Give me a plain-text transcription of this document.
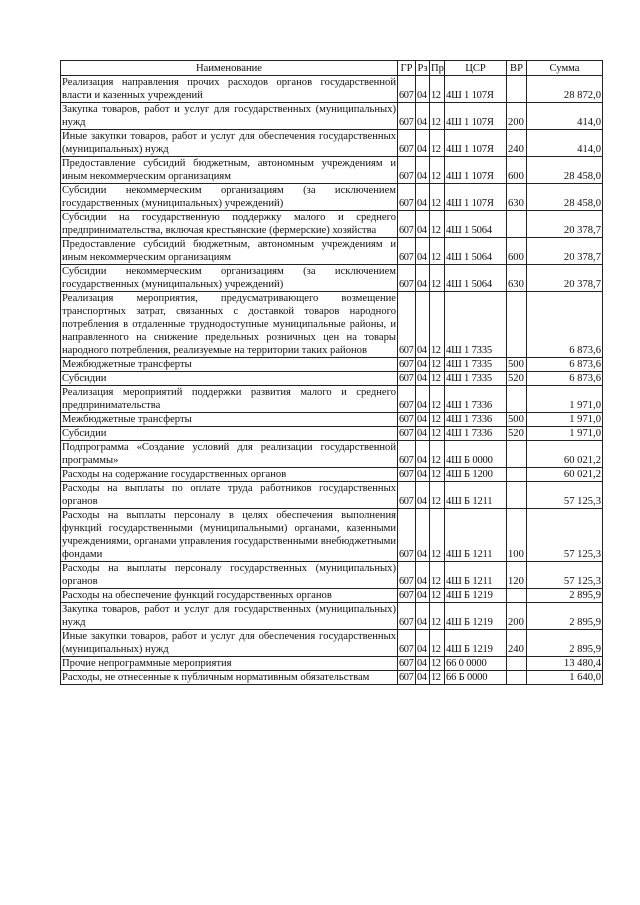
Наименование	ГР	Рз	Пр	ЦСР	ВР	Сумма
Реализация направления прочих расходов органов государственной власти и казенных учреждений	607	04	12	4Ш 1 107Я		28 872,0
Закупка товаров, работ и услуг для государственных (муниципальных) нужд	607	04	12	4Ш 1 107Я	200	414,0
Иные закупки товаров, работ и услуг для обеспечения государственных (муниципальных) нужд	607	04	12	4Ш 1 107Я	240	414,0
Предоставление субсидий бюджетным, автономным учреждениям и иным некоммерческим организациям	607	04	12	4Ш 1 107Я	600	28 458,0
Субсидии некоммерческим организациям (за исключением государственных (муниципальных) учреждений)	607	04	12	4Ш 1 107Я	630	28 458,0
Субсидии на государственную поддержку малого и среднего предпринимательства, включая крестьянские (фермерские) хозяйства	607	04	12	4Ш 1 5064		20 378,7
Предоставление субсидий бюджетным, автономным учреждениям и иным некоммерческим организациям	607	04	12	4Ш 1 5064	600	20 378,7
Субсидии некоммерческим организациям (за исключением государственных (муниципальных) учреждений)	607	04	12	4Ш 1 5064	630	20 378,7
Реализация мероприятия, предусматривающего возмещение транспортных затрат, связанных с доставкой товаров народного потребления в отдаленные труднодоступные муниципальные районы, и направленного на снижение предельных розничных цен на товары народного потребления, реализуемые на территории таких районов	607	04	12	4Ш 1 7335		6 873,6
Межбюджетные трансферты	607	04	12	4Ш 1 7335	500	6 873,6
Субсидии	607	04	12	4Ш 1 7335	520	6 873,6
Реализация мероприятий поддержки развития малого и среднего предпринимательства	607	04	12	4Ш 1 7336		1 971,0
Межбюджетные трансферты	607	04	12	4Ш 1 7336	500	1 971,0
Субсидии	607	04	12	4Ш 1 7336	520	1 971,0
Подпрограмма «Создание условий для реализации государственной программы»	607	04	12	4Ш Б 0000		60 021,2
Расходы на содержание государственных органов	607	04	12	4Ш Б 1200		60 021,2
Расходы на выплаты по оплате труда работников государственных органов	607	04	12	4Ш Б 1211		57 125,3
Расходы на выплаты персоналу в целях обеспечения выполнения функций государственными (муниципальными) органами, казенными учреждениями, органами управления государственными внебюджетными фондами	607	04	12	4Ш Б 1211	100	57 125,3
Расходы на выплаты персоналу государственных (муниципальных) органов	607	04	12	4Ш Б 1211	120	57 125,3
Расходы на обеспечение функций государственных органов	607	04	12	4Ш Б 1219		2 895,9
Закупка товаров, работ и услуг для государственных (муниципальных) нужд	607	04	12	4Ш Б 1219	200	2 895,9
Иные закупки товаров, работ и услуг для обеспечения государственных (муниципальных) нужд	607	04	12	4Ш Б 1219	240	2 895,9
Прочие непрограммные мероприятия	607	04	12	66 0 0000		13 480,4
Расходы, не отнесенные к публичным нормативным обязательствам	607	04	12	66 Б 0000		1 640,0
